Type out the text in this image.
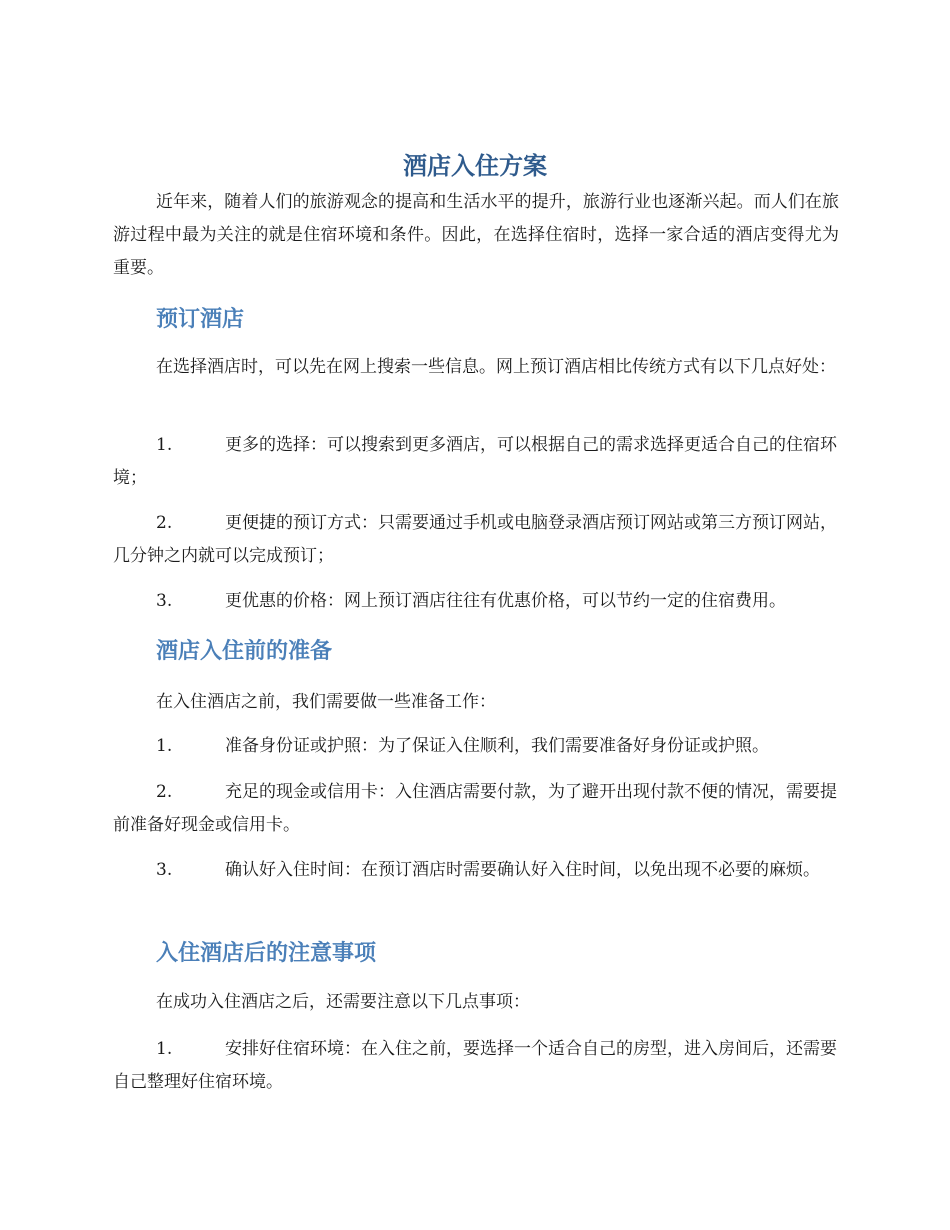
酒店入住方案

近年来，随着人们的旅游观念的提高和生活水平的提升，旅游行业也逐渐兴起。而人们在旅游过程中最为关注的就是住宿环境和条件。因此，在选择住宿时，选择一家合适的酒店变得尤为重要。

预订酒店

在选择酒店时，可以先在网上搜索一些信息。网上预订酒店相比传统方式有以下几点好处：

1.	更多的选择：可以搜索到更多酒店，可以根据自己的需求选择更适合自己的住宿环境；

2.	更便捷的预订方式：只需要通过手机或电脑登录酒店预订网站或第三方预订网站，几分钟之内就可以完成预订；

3.	更优惠的价格：网上预订酒店往往有优惠价格，可以节约一定的住宿费用。

酒店入住前的准备

在入住酒店之前，我们需要做一些准备工作：

1.	准备身份证或护照：为了保证入住顺利，我们需要准备好身份证或护照。

2.	充足的现金或信用卡：入住酒店需要付款，为了避开出现付款不便的情况，需要提前准备好现金或信用卡。

3.	确认好入住时间：在预订酒店时需要确认好入住时间，以免出现不必要的麻烦。

入住酒店后的注意事项

在成功入住酒店之后，还需要注意以下几点事项：

1.	安排好住宿环境：在入住之前，要选择一个适合自己的房型，进入房间后，还需要自己整理好住宿环境。
